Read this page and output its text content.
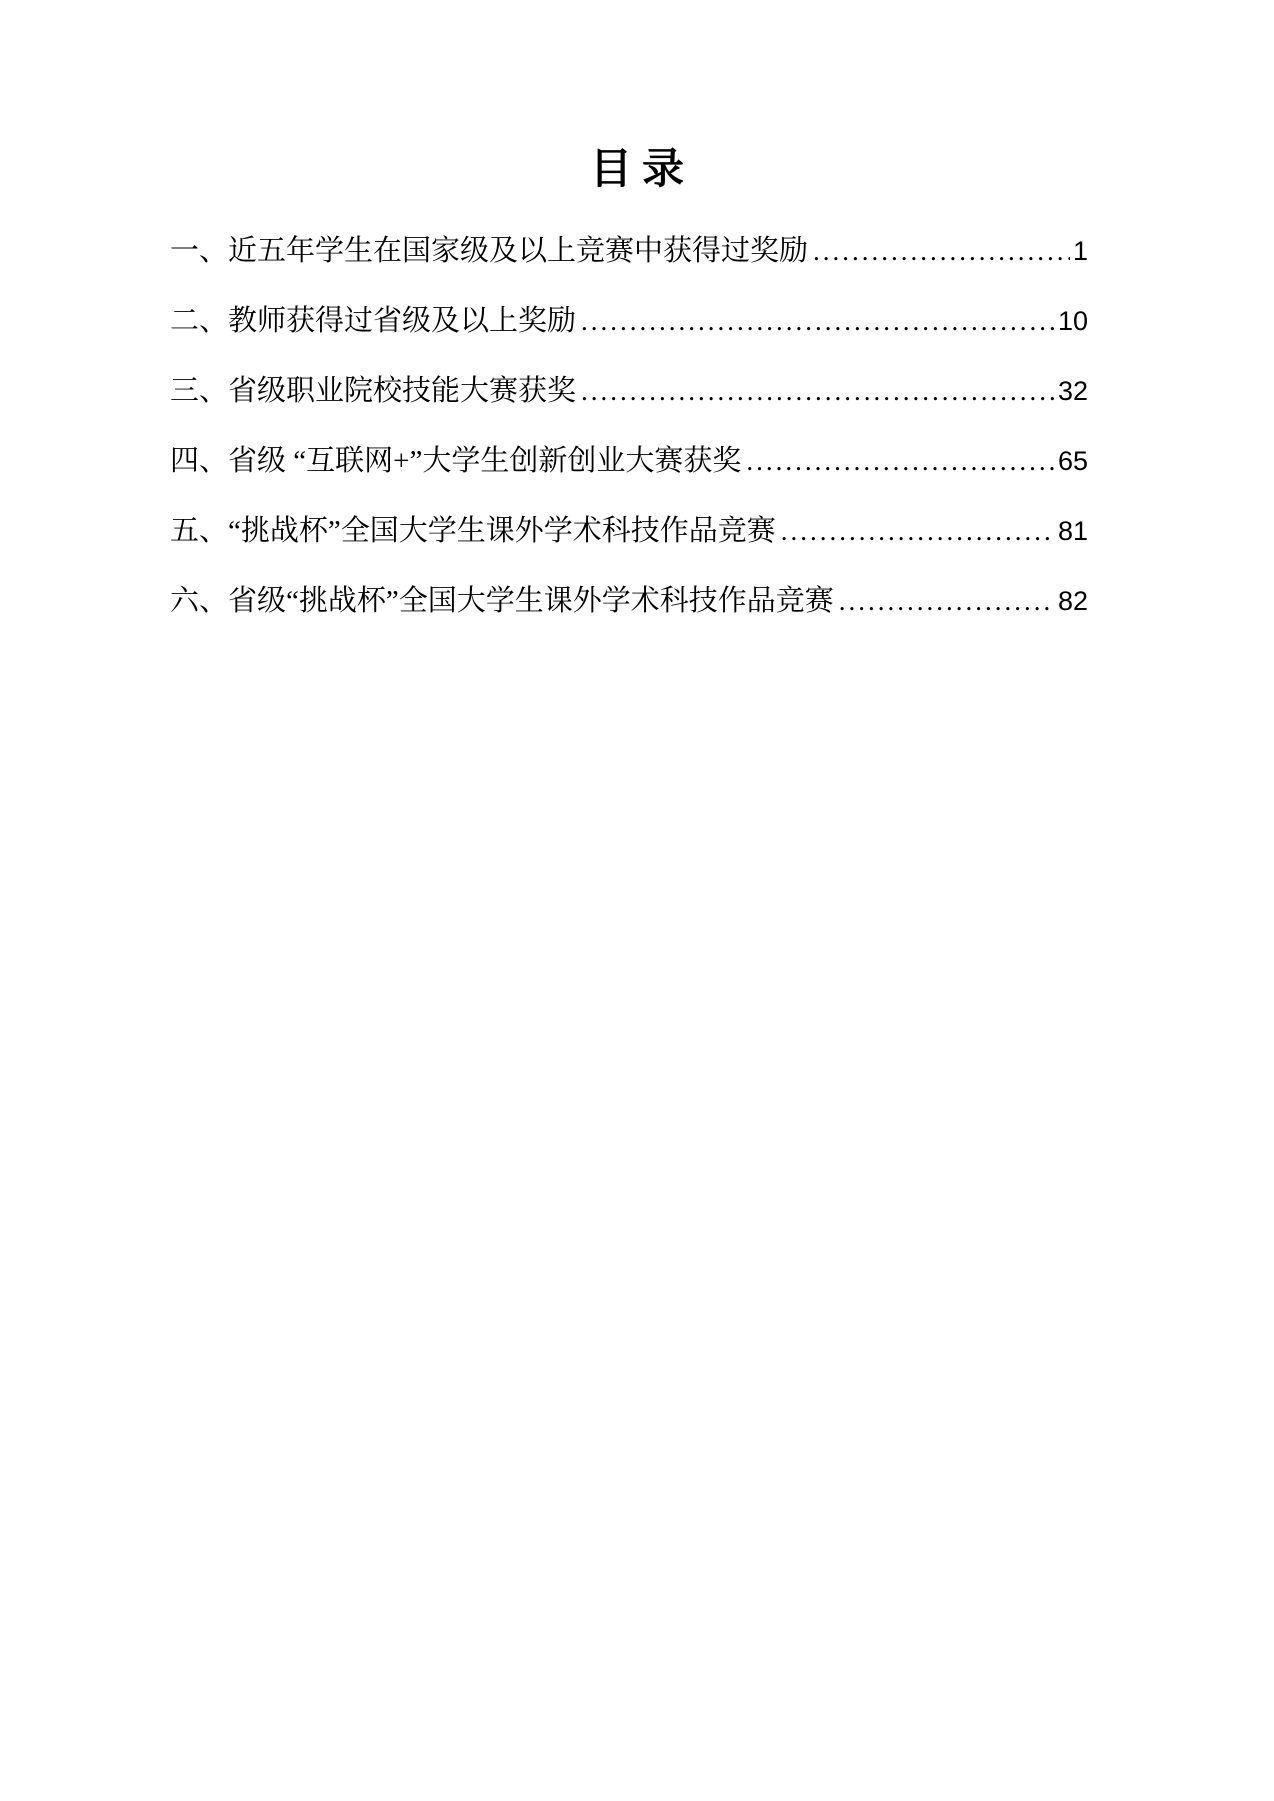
目录
一、近五年学生在国家级及以上竞赛中获得过奖励 .....	1
二、教师获得过省级及以上奖励 .....	10
三、省级职业院校技能大赛获奖 .....	32
四、省级 “互联网+”大学生创新创业大赛获奖 .....	65
五、“挑战杯”全国大学生课外学术科技作品竞赛 .....	81
六、省级“挑战杯”全国大学生课外学术科技作品竞赛 .....	82
